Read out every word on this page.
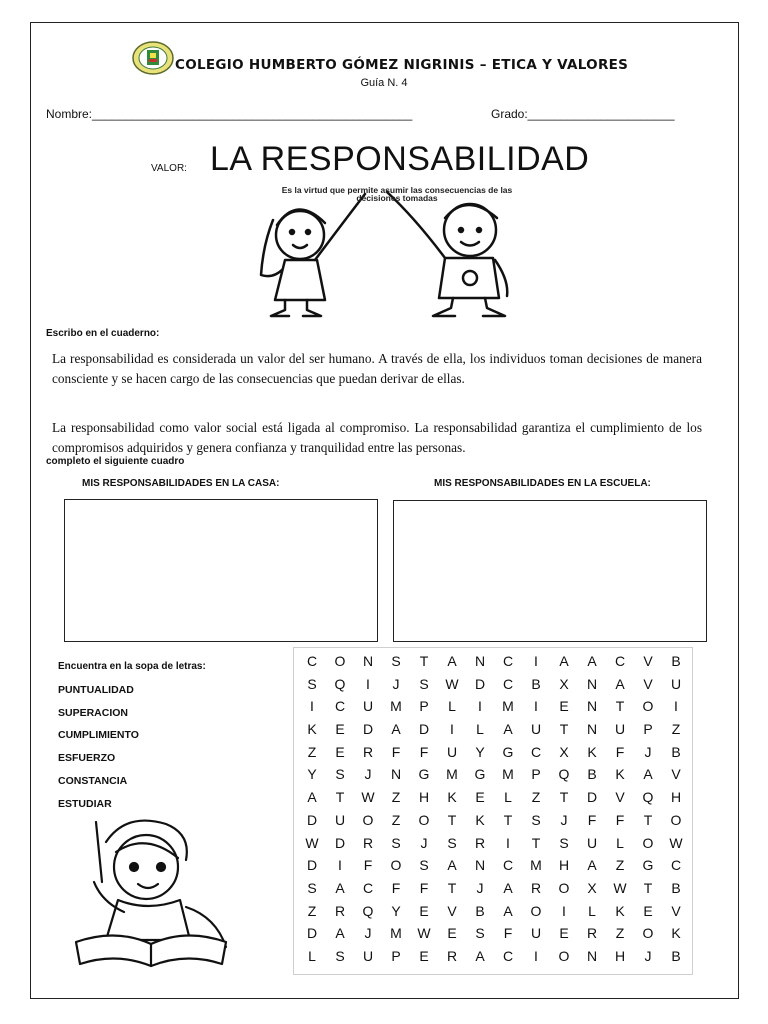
COLEGIO HUMBERTO GÓMEZ NIGRINIS – ETICA Y VALORES
Guía N. 4
Nombre:________________________________________________	Grado:______________________
VALOR: LA RESPONSABILIDAD
Es la virtud que permite asumir las consecuencias de las decisiones tomadas
Escribo en el cuaderno:
La responsabilidad es considerada un valor del ser humano. A través de ella, los individuos toman decisiones de manera consciente y se hacen cargo de las consecuencias que puedan derivar de ellas.
La responsabilidad como valor social está ligada al compromiso. La responsabilidad garantiza el cumplimiento de los compromisos adquiridos y genera confianza y tranquilidad entre las personas.
completo el siguiente cuadro
MIS RESPONSABILIDADES EN LA CASA:	MIS RESPONSABILIDADES EN LA ESCUELA:
Encuentra en la sopa de letras:
PUNTUALIDAD
SUPERACION
CUMPLIMIENTO
ESFUERZO
CONSTANCIA
ESTUDIAR
C	O	N	S	T	A	N	C	I	A	A	C	V	B
S	Q	I	J	S	W	D	C	B	X	N	A	V	U
I	C	U	M	P	L	I	M	I	E	N	T	O	I
K	E	D	A	D	I	L	A	U	T	N	U	P	Z
Z	E	R	F	F	U	Y	G	C	X	K	F	J	B
Y	S	J	N	G	M	G	M	P	Q	B	K	A	V
A	T	W	Z	H	K	E	L	Z	T	D	V	Q	H
D	U	O	Z	O	T	K	T	S	J	F	F	T	O
W	D	R	S	J	S	R	I	T	S	U	L	O	W
D	I	F	O	S	A	N	C	M	H	A	Z	G	C
S	A	C	F	F	T	J	A	R	O	X	W	T	B
Z	R	Q	Y	E	V	B	A	O	I	L	K	E	V
D	A	J	M	W	E	S	F	U	E	R	Z	O	K
L	S	U	P	E	R	A	C	I	O	N	H	J	B
